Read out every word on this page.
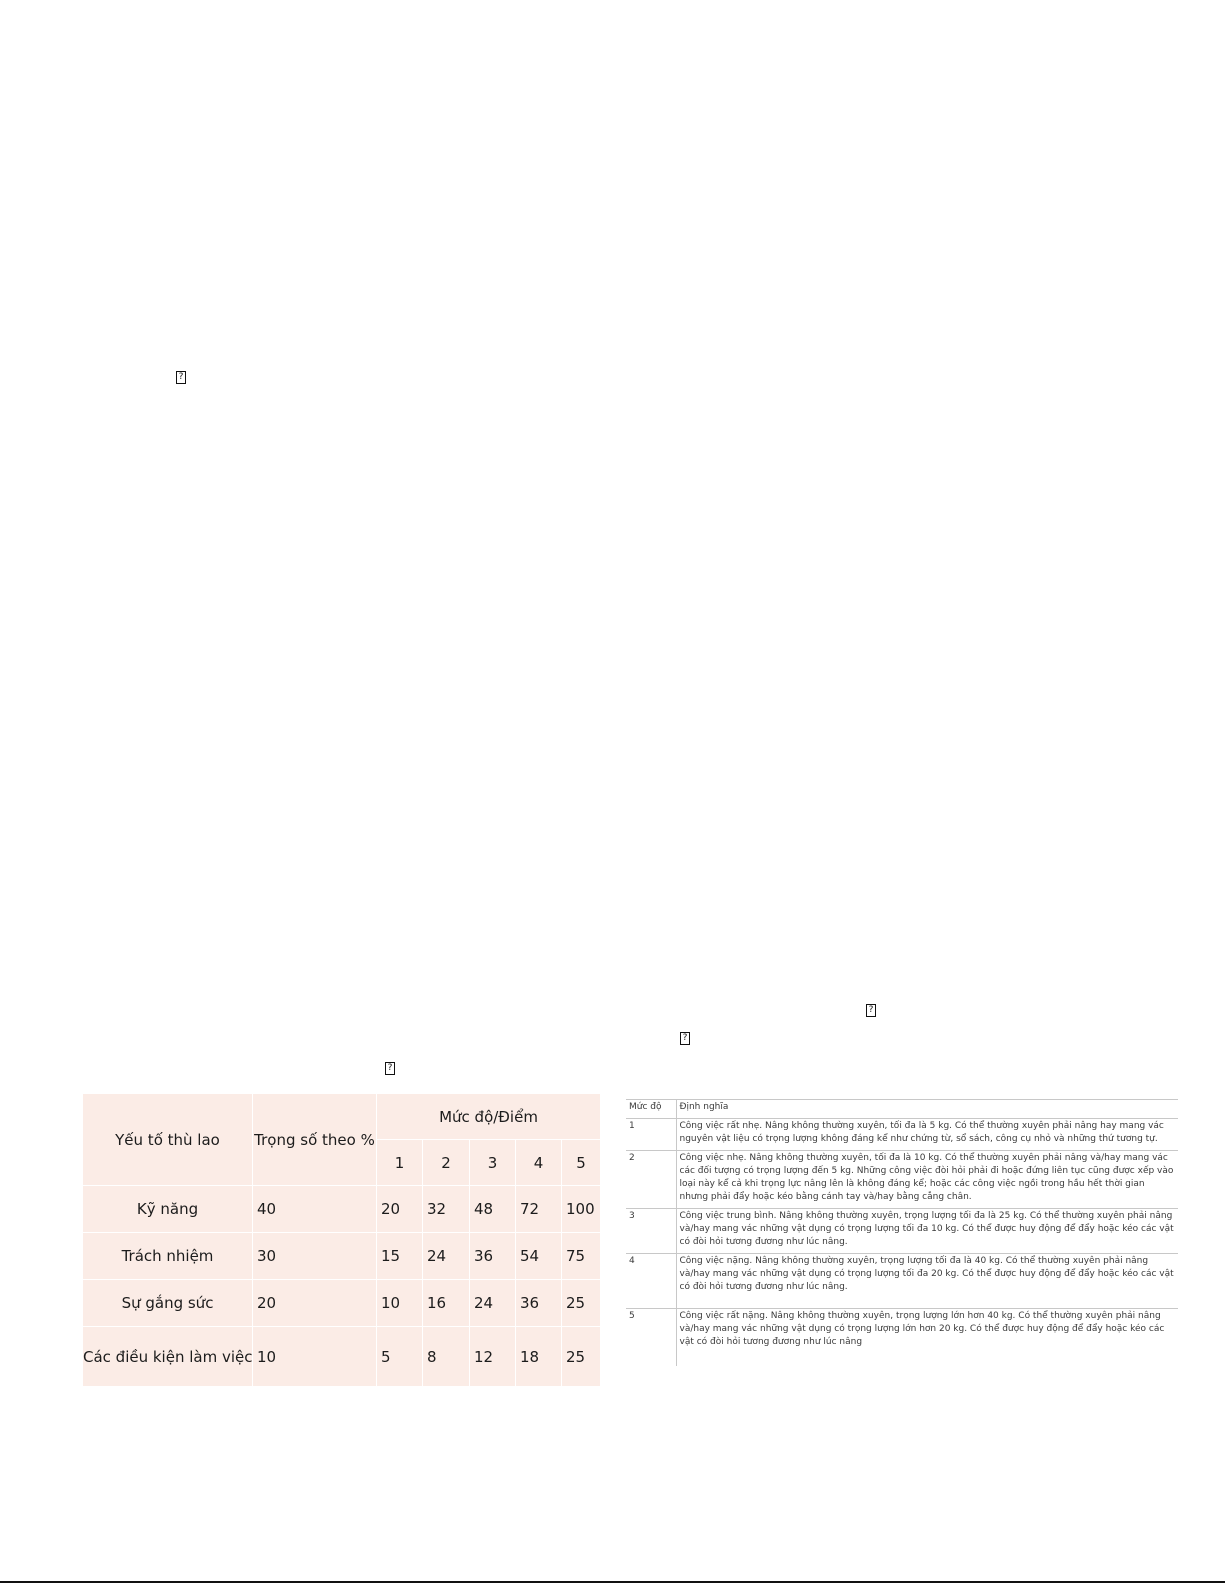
?
?
?
?
Yếu tố thù lao	Trọng số theo %	Mức độ/Điểm				
		1	2	3	4	5
Kỹ năng	40	20	32	48	72	100
Trách nhiệm	30	15	24	36	54	75
Sự gắng sức	20	10	16	24	36	25
Các điều kiện làm việc	10	5	8	12	18	25
Mức độ	Định nghĩa
1	Công việc rất nhẹ. Nâng không thường xuyên, tối đa là 5 kg. Có thể thường xuyên phải nâng hay mang vác nguyên vật liệu có trọng lượng không đáng kể như chứng từ, sổ sách, công cụ nhỏ và những thứ tương tự.
2	Công việc nhẹ. Nâng không thường xuyên, tối đa là 10 kg. Có thể thường xuyên phải nâng và/hay mang vác các đối tượng có trọng lượng đến 5 kg. Những công việc đòi hỏi phải đi hoặc đứng liên tục cũng được xếp vào loại này kể cả khi trọng lực nâng lên là không đáng kể; hoặc các công việc ngồi trong hầu hết thời gian nhưng phải đẩy hoặc kéo bằng cánh tay và/hay bằng cẳng chân.
3	Công việc trung bình. Nâng không thường xuyên, trọng lượng tối đa là 25 kg. Có thể thường xuyên phải nâng và/hay mang vác những vật dụng có trọng lượng tối đa 10 kg. Có thể được huy động để đẩy hoặc kéo các vật có đòi hỏi tương đương như lúc nâng.
4	Công việc nặng. Nâng không thường xuyên, trọng lượng tối đa là 40 kg. Có thể thường xuyên phải nâng và/hay mang vác những vật dụng có trọng lượng tối đa 20 kg. Có thể được huy động để đẩy hoặc kéo các vật có đòi hỏi tương đương như lúc nâng.
5	Công việc rất nặng. Nâng không thường xuyên, trọng lượng lớn hơn 40 kg. Có thể thường xuyên phải nâng và/hay mang vác những vật dụng có trọng lượng lớn hơn 20 kg. Có thể được huy động để đẩy hoặc kéo các vật có đòi hỏi tương đương như lúc nâng
